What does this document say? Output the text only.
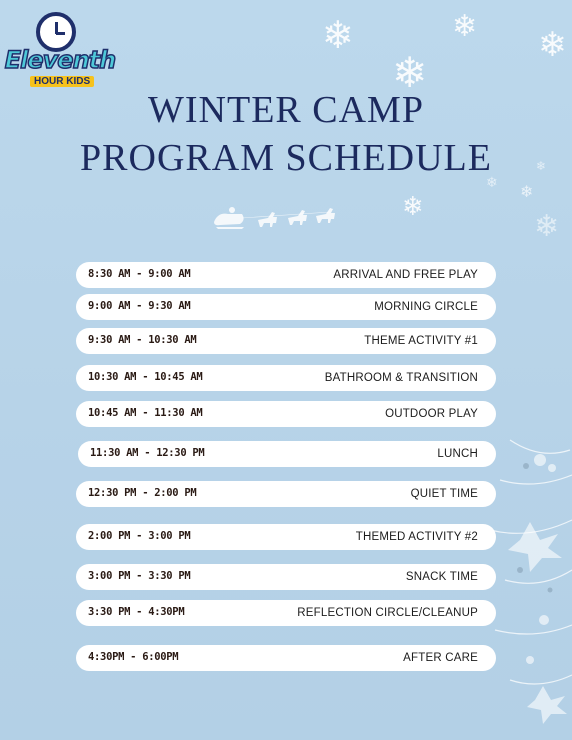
Eleventh
HOUR KIDS
❄	❄ ❄
❄
❄
❄
❄
❄
❄
WINTER CAMP
PROGRAM SCHEDULE
8:30 AM - 9:00 AM	ARRIVAL AND FREE PLAY
9:00 AM - 9:30 AM	MORNING CIRCLE
9:30 AM - 10:30 AM	THEME ACTIVITY #1
10:30 AM - 10:45 AM	BATHROOM & TRANSITION
10:45 AM - 11:30 AM	OUTDOOR PLAY
11:30 AM - 12:30 PM	LUNCH
12:30 PM - 2:00 PM	QUIET TIME
2:00 PM - 3:00 PM	THEMED ACTIVITY #2
3:00 PM - 3:30 PM	SNACK TIME
3:30 PM - 4:30PM	REFLECTION CIRCLE/CLEANUP
4:30PM - 6:00PM	AFTER CARE
